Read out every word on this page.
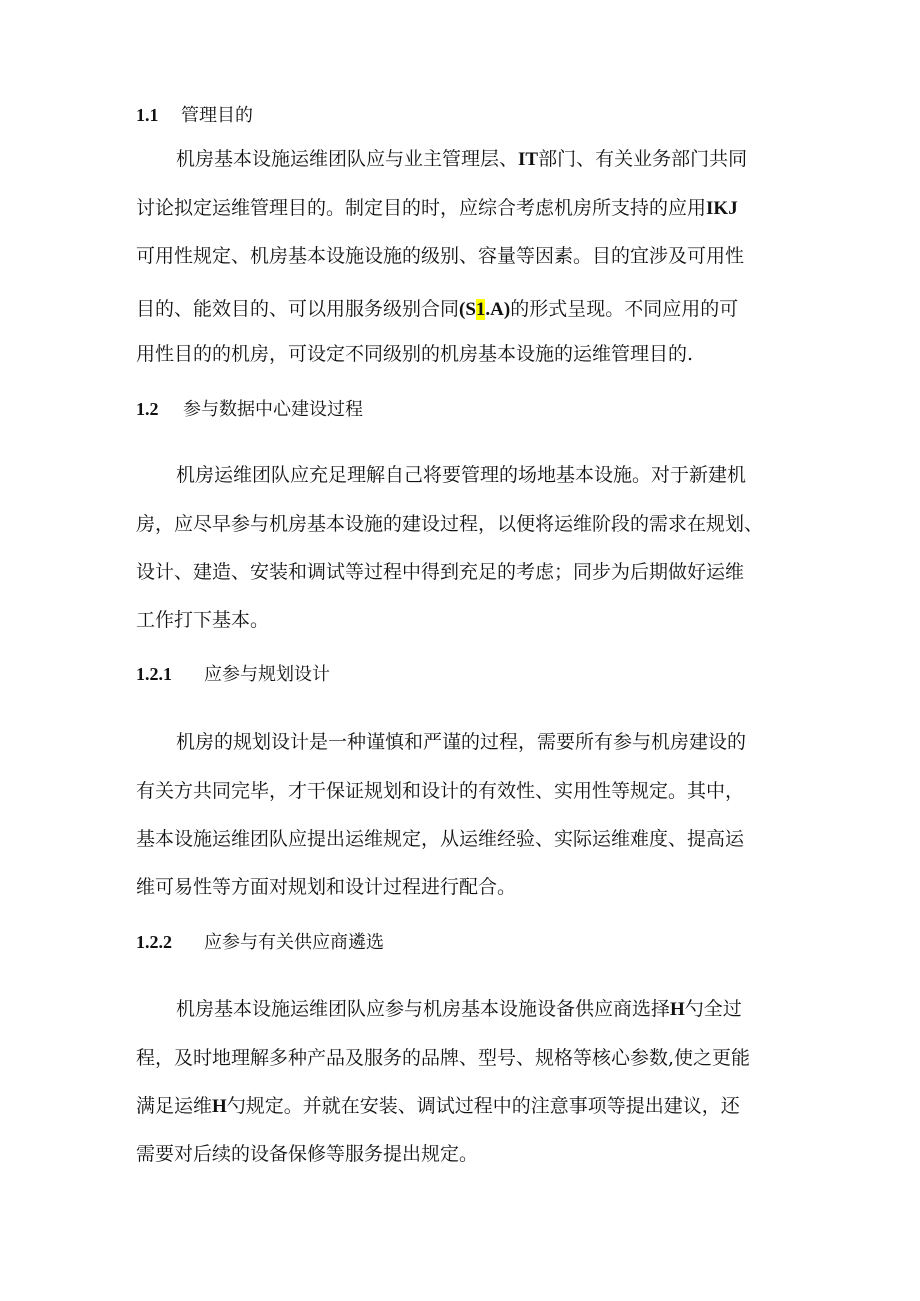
1.1 管理目的
机房基本设施运维团队应与业主管理层、IT部门、有关业务部门共同
讨论拟定运维管理目的。制定目的时，应综合考虑机房所支持的应用IKJ
可用性规定、机房基本设施设施的级别、容量等因素。目的宜涉及可用性
目的、能效目的、可以用服务级别合同(S1.A)的形式呈现。不同应用的可
用性目的的机房，可设定不同级别的机房基本设施的运维管理目的.
1.2 参与数据中心建设过程
机房运维团队应充足理解自己将要管理的场地基本设施。对于新建机
房，应尽早参与机房基本设施的建设过程，以便将运维阶段的需求在规划、
设计、建造、安装和调试等过程中得到充足的考虑；同步为后期做好运维
工作打下基本。
1.2.1 应参与规划设计
机房的规划设计是一种谨慎和严谨的过程，需要所有参与机房建设的
有关方共同完毕，才干保证规划和设计的有效性、实用性等规定。其中，
基本设施运维团队应提出运维规定，从运维经验、实际运维难度、提高运
维可易性等方面对规划和设计过程进行配合。
1.2.2 应参与有关供应商遴选
机房基本设施运维团队应参与机房基本设施设备供应商选择H勺全过
程，及时地理解多种产品及服务的品牌、型号、规格等核心参数,使之更能
满足运维H勺规定。并就在安装、调试过程中的注意事项等提出建议，还
需要对后续的设备保修等服务提出规定。
